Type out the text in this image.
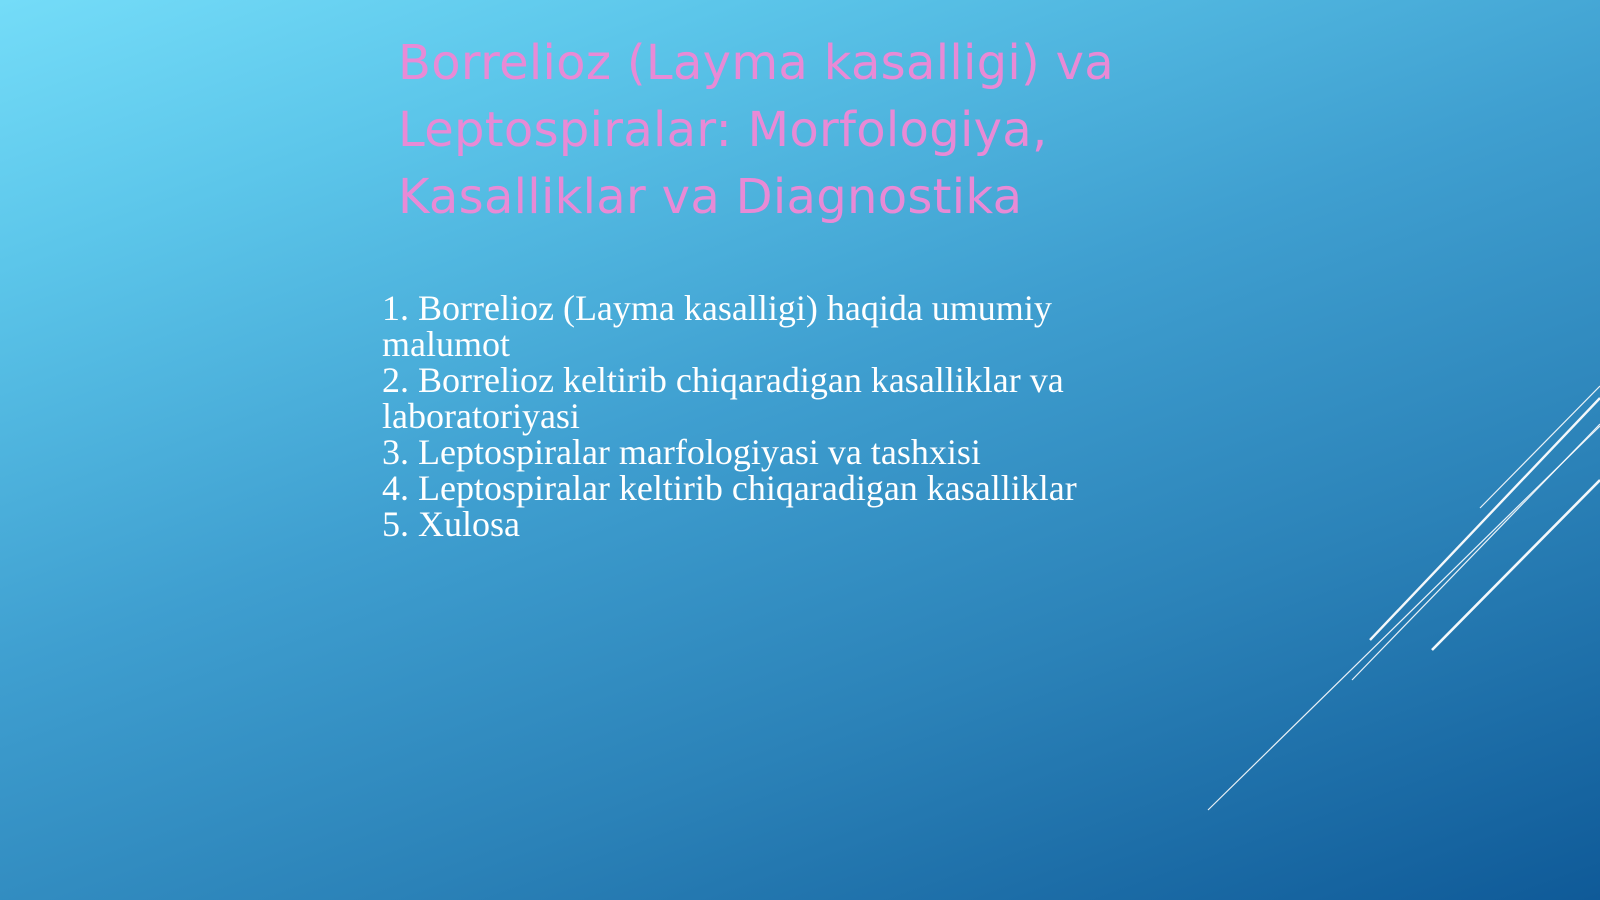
Borrelioz (Layma kasalligi) va Leptospiralar: Morfologiya, Kasalliklar va Diagnostika
1. Borrelioz (Layma kasalligi) haqida umumiy malumot
2. Borrelioz keltirib chiqaradigan kasalliklar va laboratoriyasi
3. Leptospiralar marfologiyasi va tashxisi
4. Leptospiralar keltirib chiqaradigan kasalliklar
5. Xulosa
